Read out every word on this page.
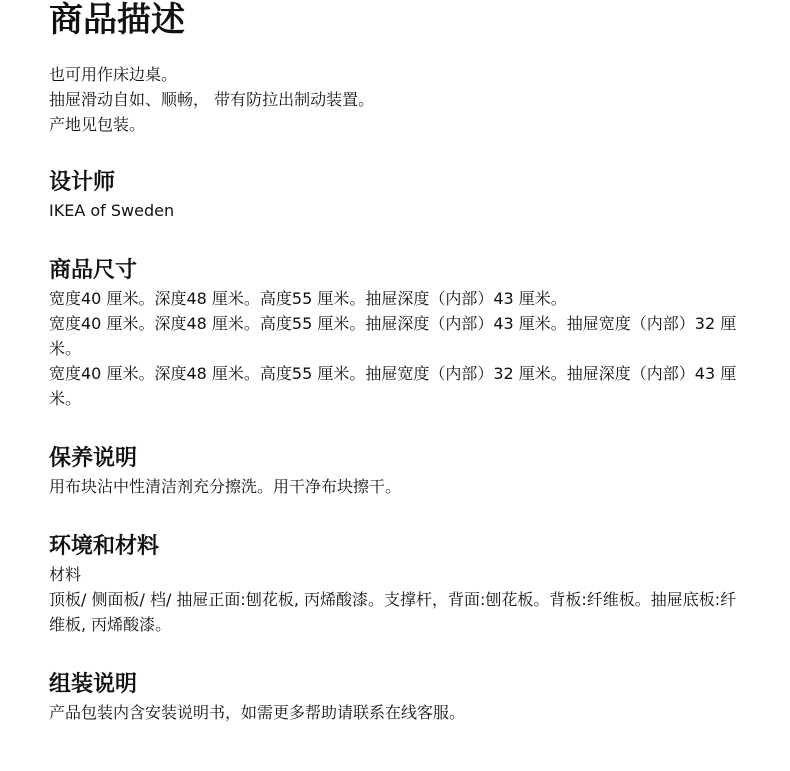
商品描述

也可用作床边桌。

抽屉滑动自如、顺畅， 带有防拉出制动装置。

产地见包装。

设计师

IKEA of Sweden

商品尺寸

宽度40 厘米。深度48 厘米。高度55 厘米。抽屉深度（内部）43 厘米。

宽度40 厘米。深度48 厘米。高度55 厘米。抽屉深度（内部）43 厘米。抽屉宽度（内部）32 厘米。

宽度40 厘米。深度48 厘米。高度55 厘米。抽屉宽度（内部）32 厘米。抽屉深度（内部）43 厘米。

保养说明

用布块沾中性清洁剂充分擦洗。用干净布块擦干。

环境和材料

材料

顶板/ 侧面板/ 档/ 抽屉正面:刨花板, 丙烯酸漆。支撑杆，背面:刨花板。背板:纤维板。抽屉底板:纤维板, 丙烯酸漆。

组装说明

产品包装内含安装说明书，如需更多帮助请联系在线客服。
